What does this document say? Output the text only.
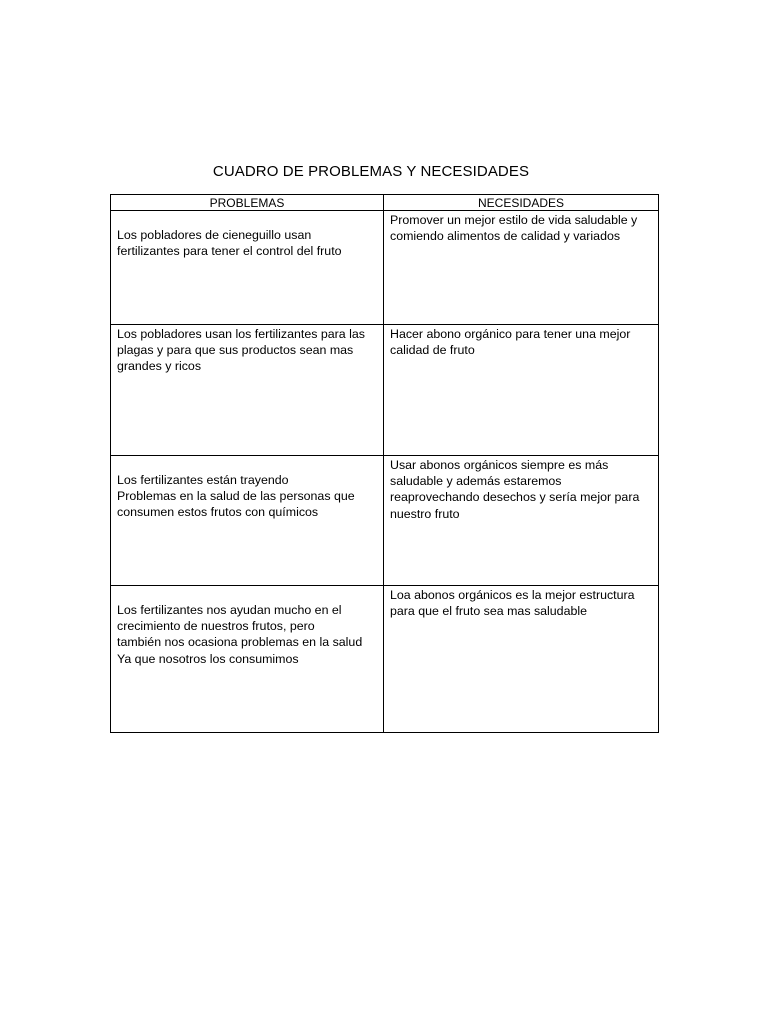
CUADRO DE PROBLEMAS Y NECESIDADES
PROBLEMAS	NECESIDADES

Los pobladores de cieneguillo usan
fertilizantes para tener el control del fruto	Promover un mejor estilo de vida saludable y
comiendo alimentos de calidad y variados

Los pobladores usan los fertilizantes para las
plagas y para que sus productos sean mas
grandes y ricos	Hacer abono orgánico para tener una mejor
calidad de fruto

Los fertilizantes están trayendo
Problemas en la salud de las personas que
consumen estos frutos con químicos	Usar abonos orgánicos siempre es más
saludable y además estaremos
reaprovechando desechos y sería mejor para
nuestro fruto

Los fertilizantes nos ayudan mucho en el
crecimiento de nuestros frutos, pero
también nos ocasiona problemas en la salud
Ya que nosotros los consumimos	Loa abonos orgánicos es la mejor estructura
para que el fruto sea mas saludable
